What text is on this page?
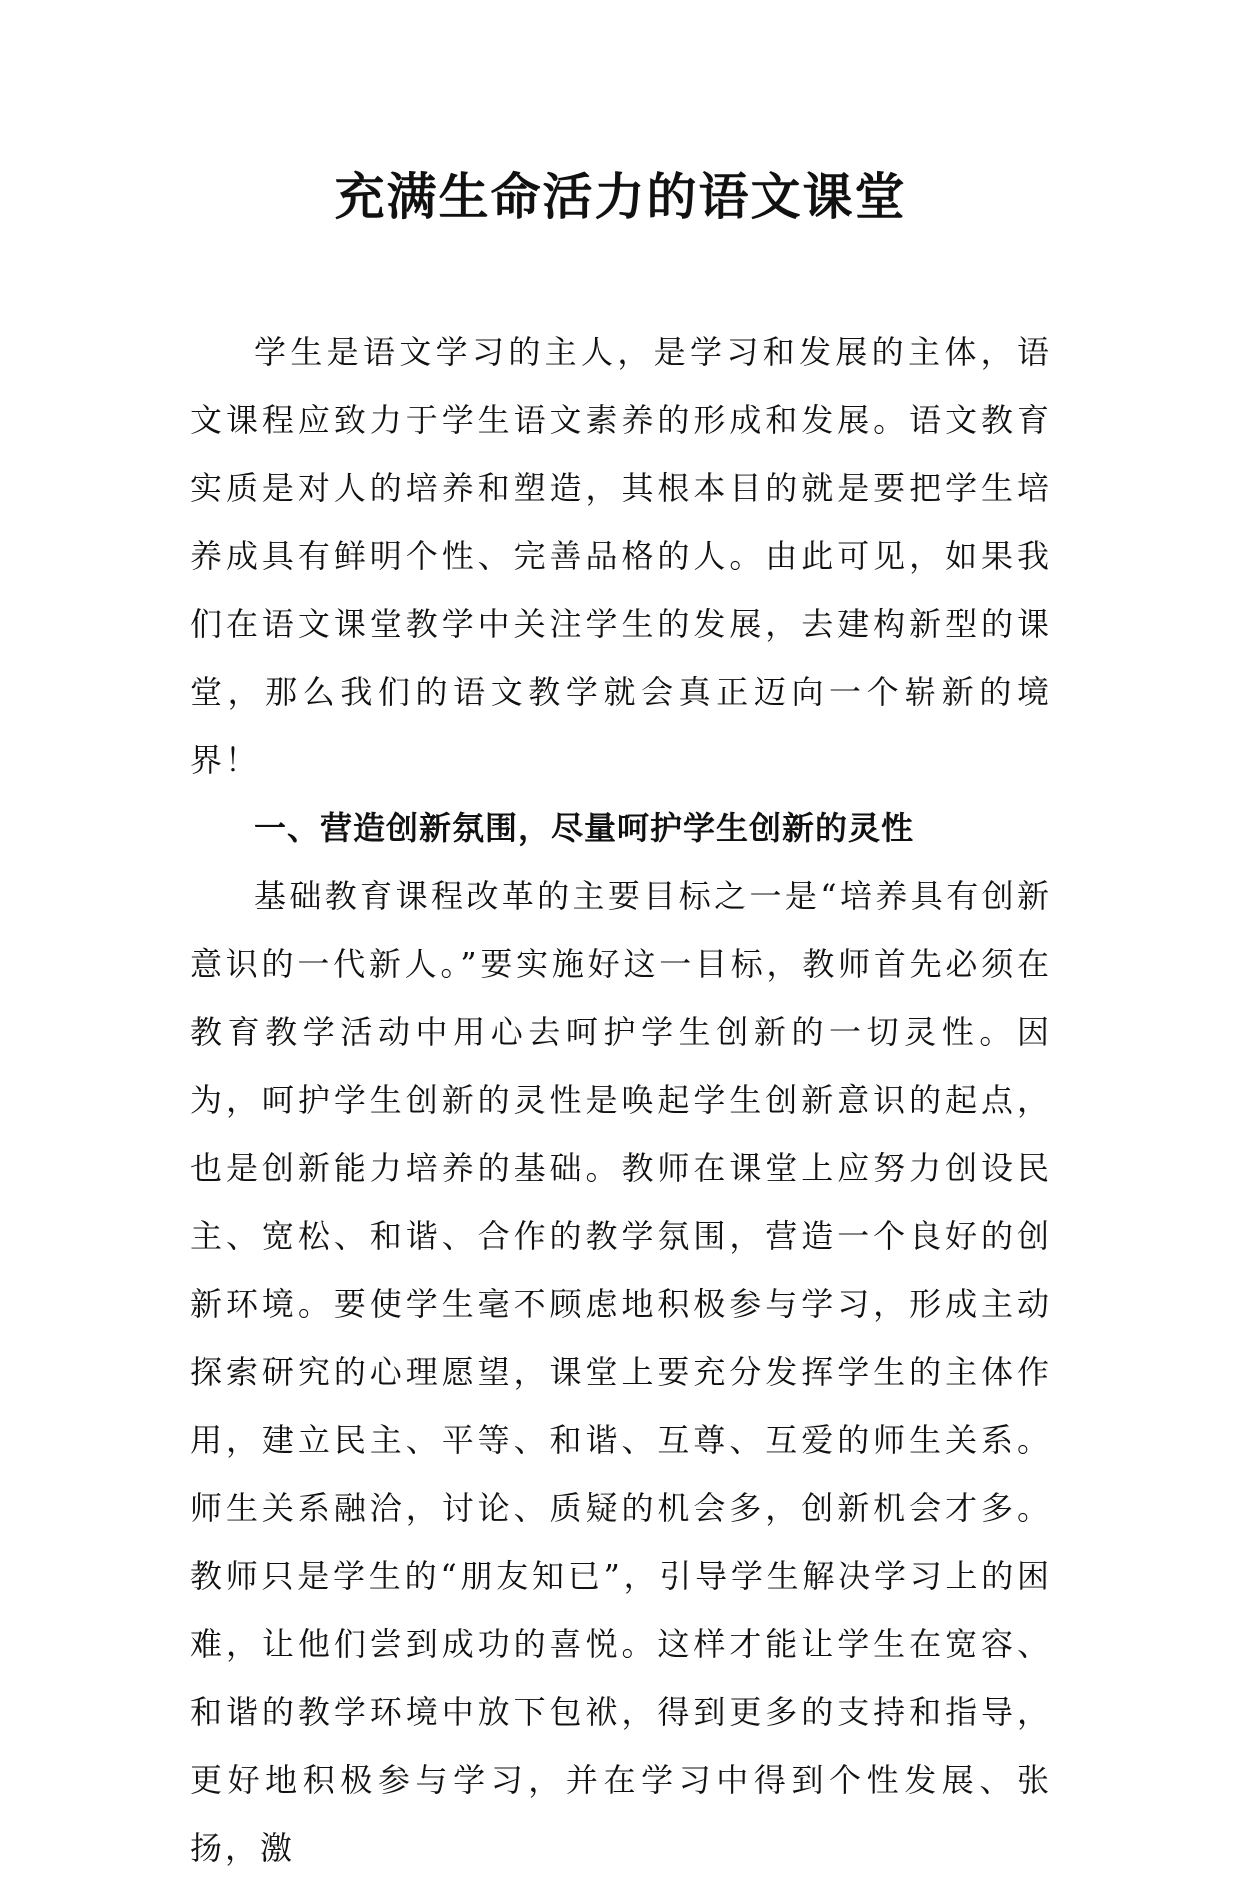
充满生命活力的语文课堂

学生是语文学习的主人，是学习和发展的主体，语文课程应致力于学生语文素养的形成和发展。语文教育实质是对人的培养和塑造，其根本目的就是要把学生培养成具有鲜明个性、完善品格的人。由此可见，如果我们在语文课堂教学中关注学生的发展，去建构新型的课堂，那么我们的语文教学就会真正迈向一个崭新的境界！

一、营造创新氛围，尽量呵护学生创新的灵性

基础教育课程改革的主要目标之一是“培养具有创新意识的一代新人。”要实施好这一目标，教师首先必须在教育教学活动中用心去呵护学生创新的一切灵性。因为，呵护学生创新的灵性是唤起学生创新意识的起点，也是创新能力培养的基础。教师在课堂上应努力创设民主、宽松、和谐、合作的教学氛围，营造一个良好的创新环境。要使学生毫不顾虑地积极参与学习，形成主动探索研究的心理愿望，课堂上要充分发挥学生的主体作用，建立民主、平等、和谐、互尊、互爱的师生关系。师生关系融洽，讨论、质疑的机会多，创新机会才多。教师只是学生的“朋友知已”，引导学生解决学习上的困难，让他们尝到成功的喜悦。这样才能让学生在宽容、和谐的教学环境中放下包袱，得到更多的支持和指导，更好地积极参与学习，并在学习中得到个性发展、张扬，激
